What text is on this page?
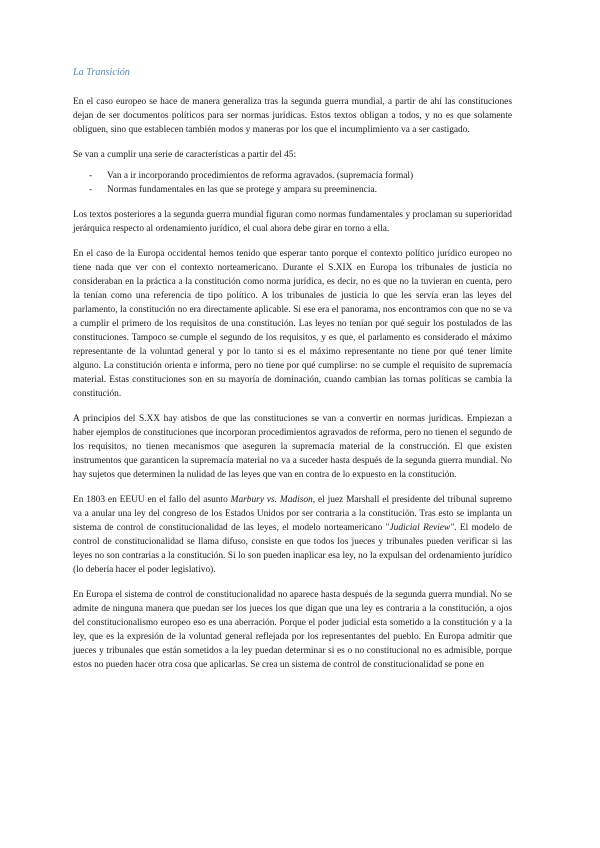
La Transición

En el caso europeo se hace de manera generaliza tras la segunda guerra mundial, a partir de ahí las constituciones dejan de ser documentos políticos para ser normas jurídicas. Estos textos obligan a todos, y no es que solamente obliguen, sino que establecen también modos y maneras por los que el incumplimiento va a ser castigado.

Se van a cumplir una serie de características a partir del 45:

- Van a ir incorporando procedimientos de reforma agravados. (supremacía formal)
- Normas fundamentales en las que se protege y ampara su preeminencia.

Los textos posteriores a la segunda guerra mundial figuran como normas fundamentales y proclaman su superioridad jerárquica respecto al ordenamiento jurídico, el cual ahora debe girar en torno a ella.

En el caso de la Europa occidental hemos tenido que esperar tanto porque el contexto político jurídico europeo no tiene nada que ver con el contexto norteamericano. Durante el S.XIX en Europa los tribunales de justicia no consideraban en la práctica a la constitución como norma jurídica, es decir, no es que no la tuvieran en cuenta, pero la tenían como una referencia de tipo político. A los tribunales de justicia lo que les servía eran las leyes del parlamento, la constitución no era directamente aplicable. Si ese era el panorama, nos encontramos con que no se va a cumplir el primero de los requisitos de una constitución. Las leyes no tenían por qué seguir los postulados de las constituciones. Tampoco se cumple el segundo de los requisitos, y es que, el parlamento es considerado el máximo representante de la voluntad general y por lo tanto si es el máximo representante no tiene por qué tener límite alguno. La constitución orienta e informa, pero no tiene por qué cumplirse: no se cumple el requisito de supremacía material. Estas constituciones son en su mayoría de dominación, cuando cambian las tornas políticas se cambia la constitución.

A principios del S.XX hay atisbos de que las constituciones se van a convertir en normas jurídicas. Empiezan a haber ejemplos de constituciones que incorporan procedimientos agravados de reforma, pero no tienen el segundo de los requisitos, no tienen mecanismos que aseguren la supremacía material de la construcción. El que existen instrumentos que garanticen la supremacía material no va a suceder hasta después de la segunda guerra mundial. No hay sujetos que determinen la nulidad de las leyes que van en contra de lo expuesto en la constitución.

En 1803 en EEUU en el fallo del asunto Marbury vs. Madison, el juez Marshall el presidente del tribunal supremo va a anular una ley del congreso de los Estados Unidos por ser contraria a la constitución. Tras esto se implanta un sistema de control de constitucionalidad de las leyes, el modelo norteamericano "Judicial Review". El modelo de control de constitucionalidad se llama difuso, consiste en que todos los jueces y tribunales pueden verificar si las leyes no son contrarias a la constitución. Si lo son pueden inaplicar esa ley, no la expulsan del ordenamiento jurídico (lo debería hacer el poder legislativo).

En Europa el sistema de control de constitucionalidad no aparece hasta después de la segunda guerra mundial. No se admite de ninguna manera que puedan ser los jueces los que digan que una ley es contraria a la constitución, a ojos del constitucionalismo europeo eso es una aberración. Porque el poder judicial esta sometido a la constitución y a la ley, que es la expresión de la voluntad general reflejada por los representantes del pueblo. En Europa admitir que jueces y tribunales que están sometidos a la ley puedan determinar si es o no constitucional no es admisible, porque estos no pueden hacer otra cosa que aplicarlas. Se crea un sistema de control de constitucionalidad se pone en
